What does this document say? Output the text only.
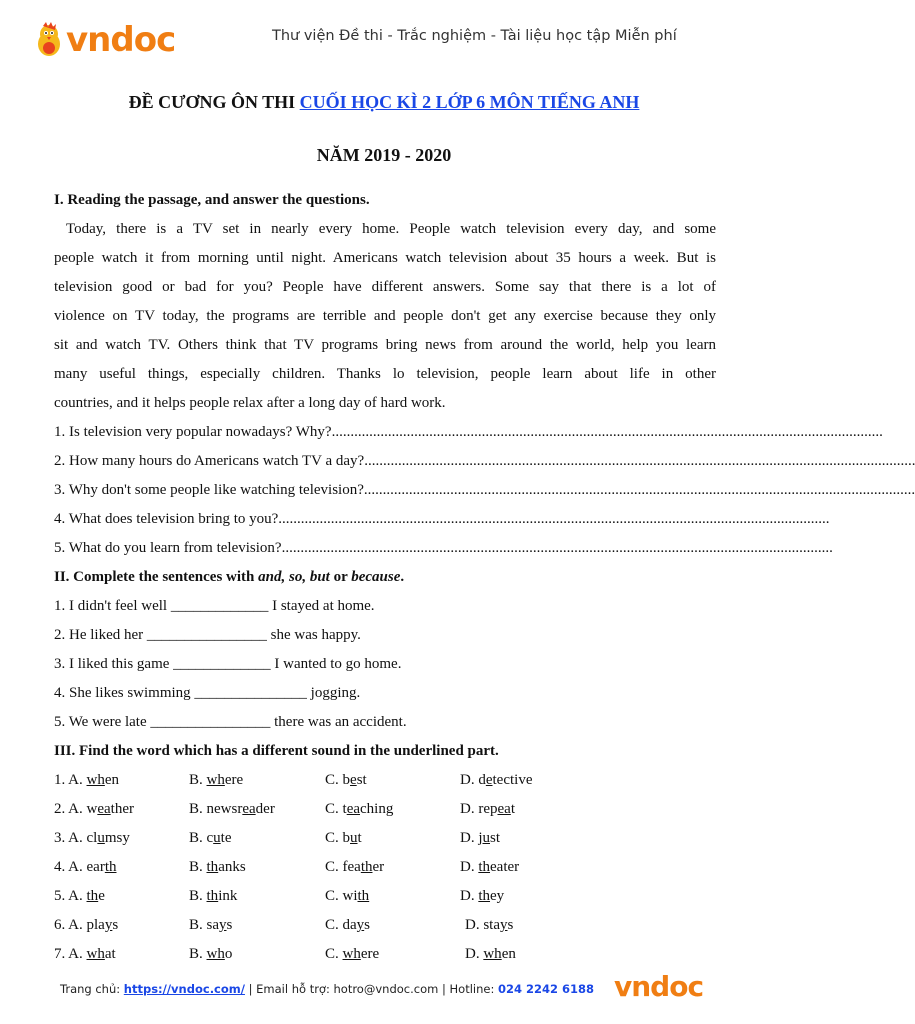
vndoc	Thư viện Đề thi - Trắc nghiệm - Tài liệu học tập Miễn phí
ĐỀ CƯƠNG ÔN THI CUỐI HỌC KÌ 2 LỚP 6 MÔN TIẾNG ANH
NĂM 2019 - 2020
I. Reading the passage, and answer the questions.
Today, there is a TV set in nearly every home. People watch television every day, and some
people watch it from morning until night. Americans watch television about 35 hours a week. But is
television good or bad for you? People have different answers. Some say that there is a lot of
violence on TV today, the programs are terrible and people don't get any exercise because they only
sit and watch TV. Others think that TV programs bring news from around the world, help you learn
many useful things, especially children. Thanks lo television, people learn about life in other
countries, and it helps people relax after a long day of hard work.
1. Is television very popular nowadays? Why? ...................................................................................................................................................
2. How many hours do Americans watch TV a day? ...................................................................................................................................................
3. Why don't some people like watching television? ...................................................................................................................................................
4. What does television bring to you? ...................................................................................................................................................
5. What do you learn from television? ...................................................................................................................................................
II. Complete the sentences with and, so, but or because.
1. I didn't feel well _____________ I stayed at home.
2. He liked her ________________ she was happy.
3. I liked this game _____________ I wanted to go home.
4. She likes swimming _______________ jogging.
5. We were late ________________ there was an accident.
III. Find the word which has a different sound in the underlined part.
1. A. when	B. where	C. best	D. detective
2. A. weather	B. newsreader	C. teaching	D. repeat
3. A. clumsy	B. cute	C. but	D. just
4. A. earth	B. thanks	C. feather	D. theater
5. A. the	B. think	C. with	D. they
6. A. plays	B. says	C. days	D. stays
7. A. what	B. who	C. where	D. when
Trang chủ: https://vndoc.com/ | Email hỗ trợ: hotro@vndoc.com | Hotline: 024 2242 6188 vndoc
